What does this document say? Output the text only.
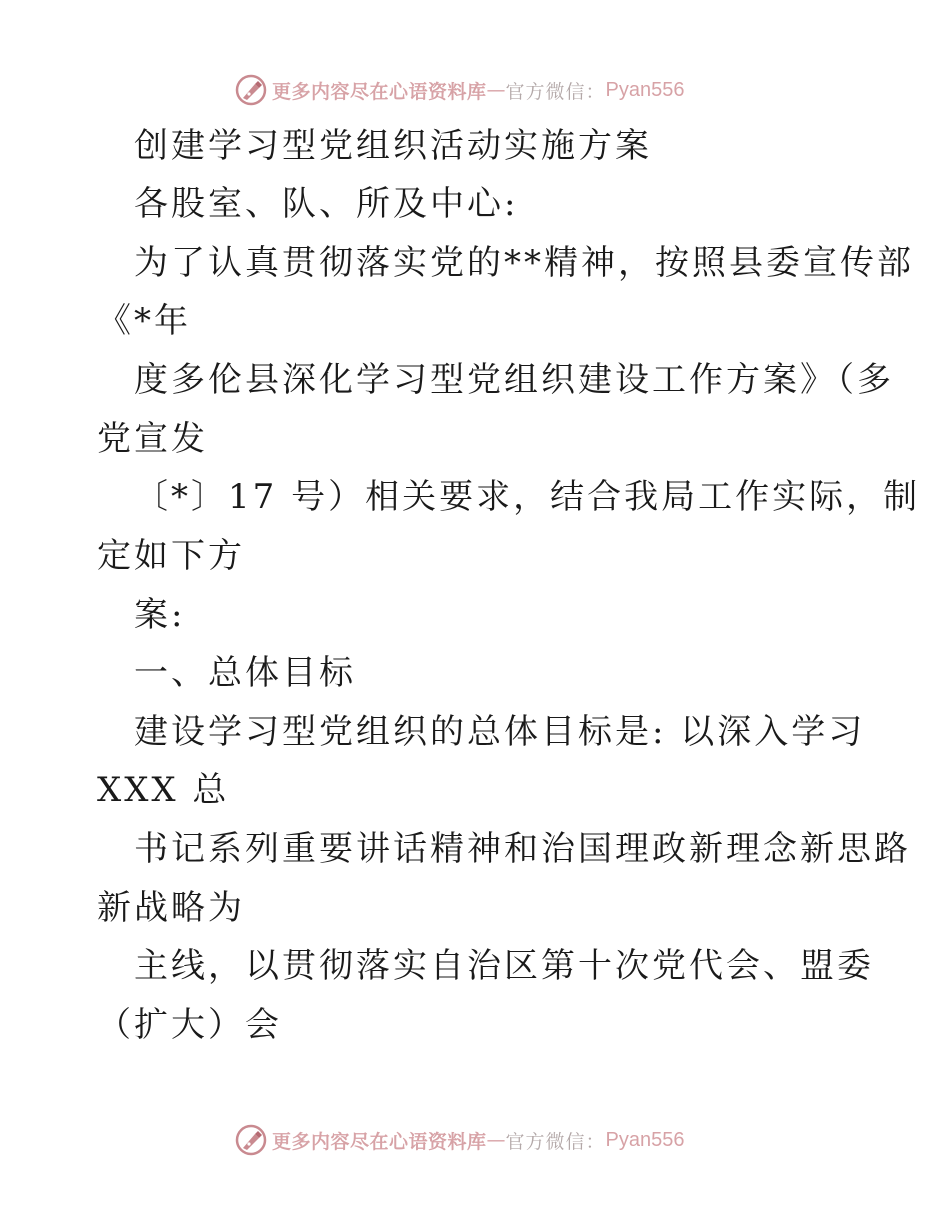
更多内容尽在心语资料库 — 官方微信： Pyan556
创建学习型党组织活动实施方案
各股室、队、所及中心:
为了认真贯彻落实党的**精神，按照县委宣传部
《*年
度多伦县深化学习型党组织建设工作方案》（多
党宣发
〔*〕17 号）相关要求，结合我局工作实际，制
定如下方
案:
一、总体目标
建设学习型党组织的总体目标是: 以深入学习
XXX 总
书记系列重要讲话精神和治国理政新理念新思路
新战略为
主线，以贯彻落实自治区第十次党代会、盟委
（扩大）会
更多内容尽在心语资料库 — 官方微信： Pyan556
